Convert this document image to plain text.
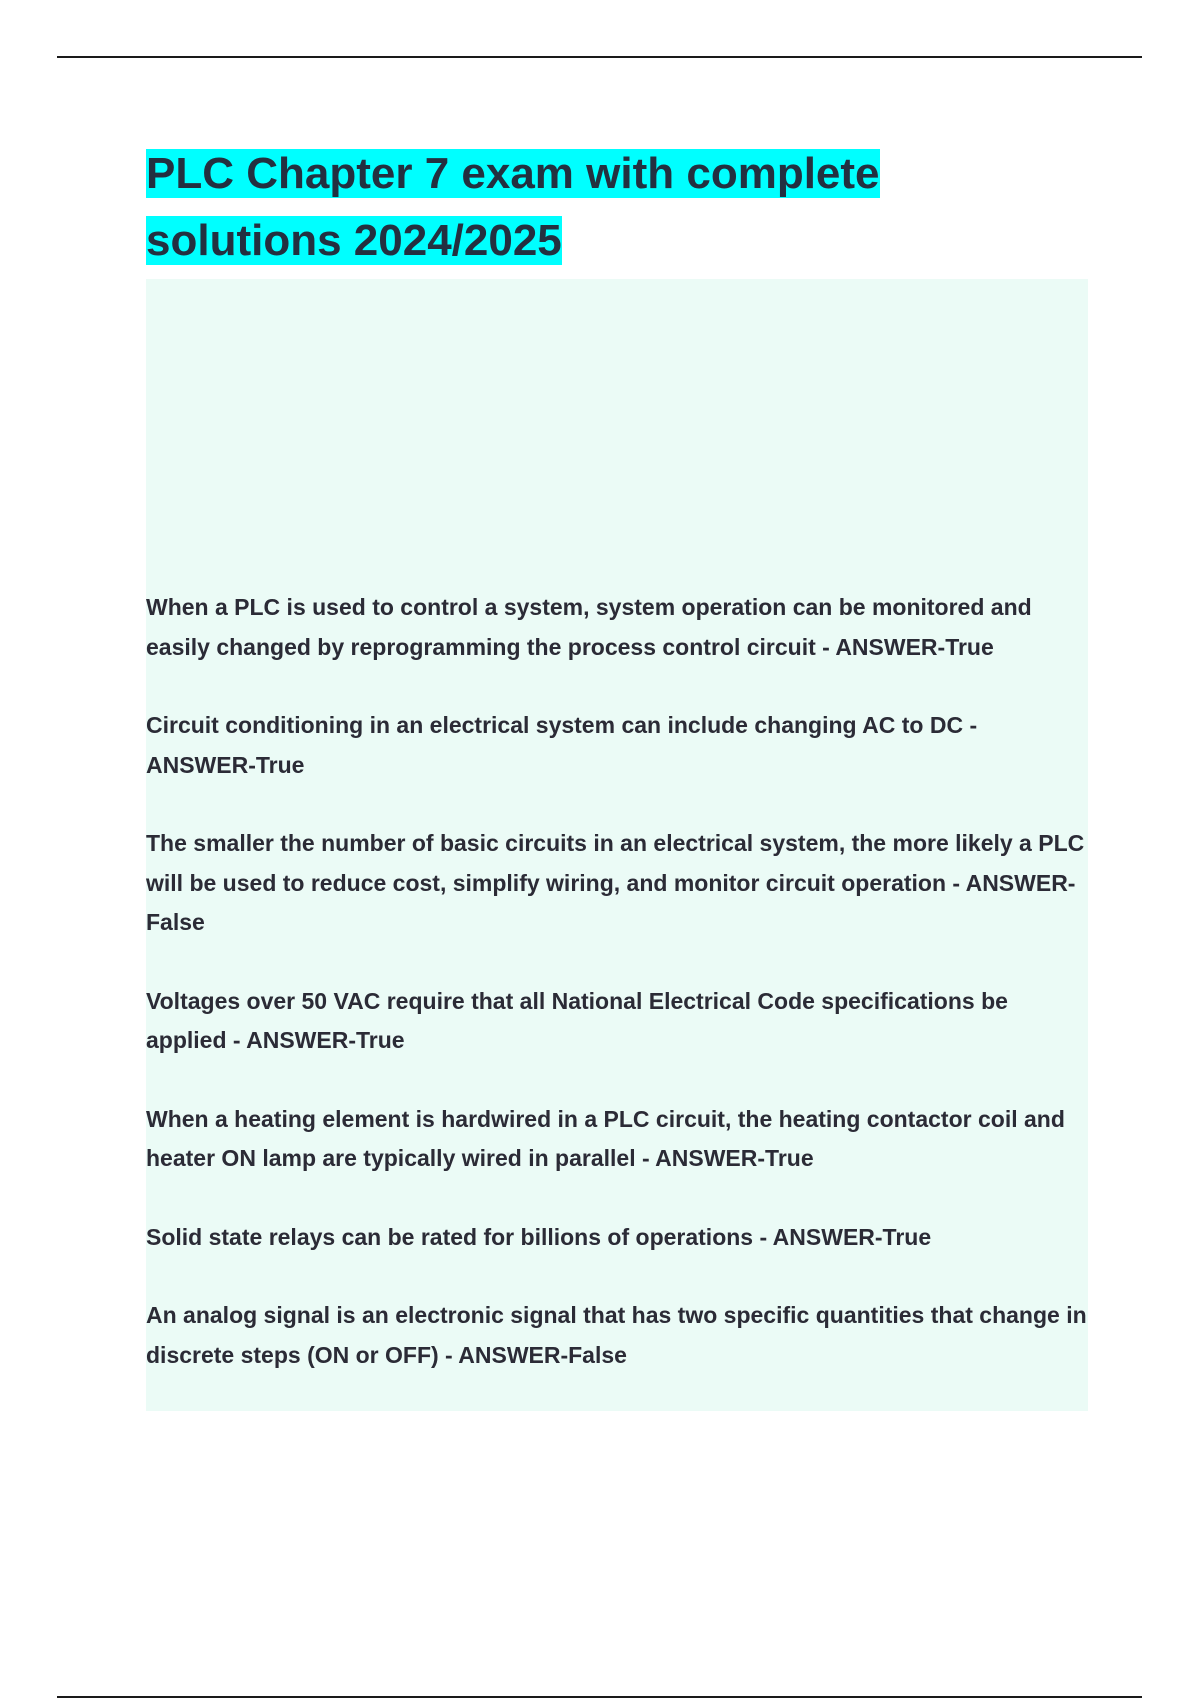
PLC Chapter 7 exam with complete
solutions 2024/2025
When a PLC is used to control a system, system operation can be monitored and easily changed by reprogramming the process control circuit - ANSWER-True
Circuit conditioning in an electrical system can include changing AC to DC - ANSWER-True
The smaller the number of basic circuits in an electrical system, the more likely a PLC will be used to reduce cost, simplify wiring, and monitor circuit operation - ANSWER-False
Voltages over 50 VAC require that all National Electrical Code specifications be applied - ANSWER-True
When a heating element is hardwired in a PLC circuit, the heating contactor coil and heater ON lamp are typically wired in parallel - ANSWER-True
Solid state relays can be rated for billions of operations - ANSWER-True
An analog signal is an electronic signal that has two specific quantities that change in discrete steps (ON or OFF) - ANSWER-False
